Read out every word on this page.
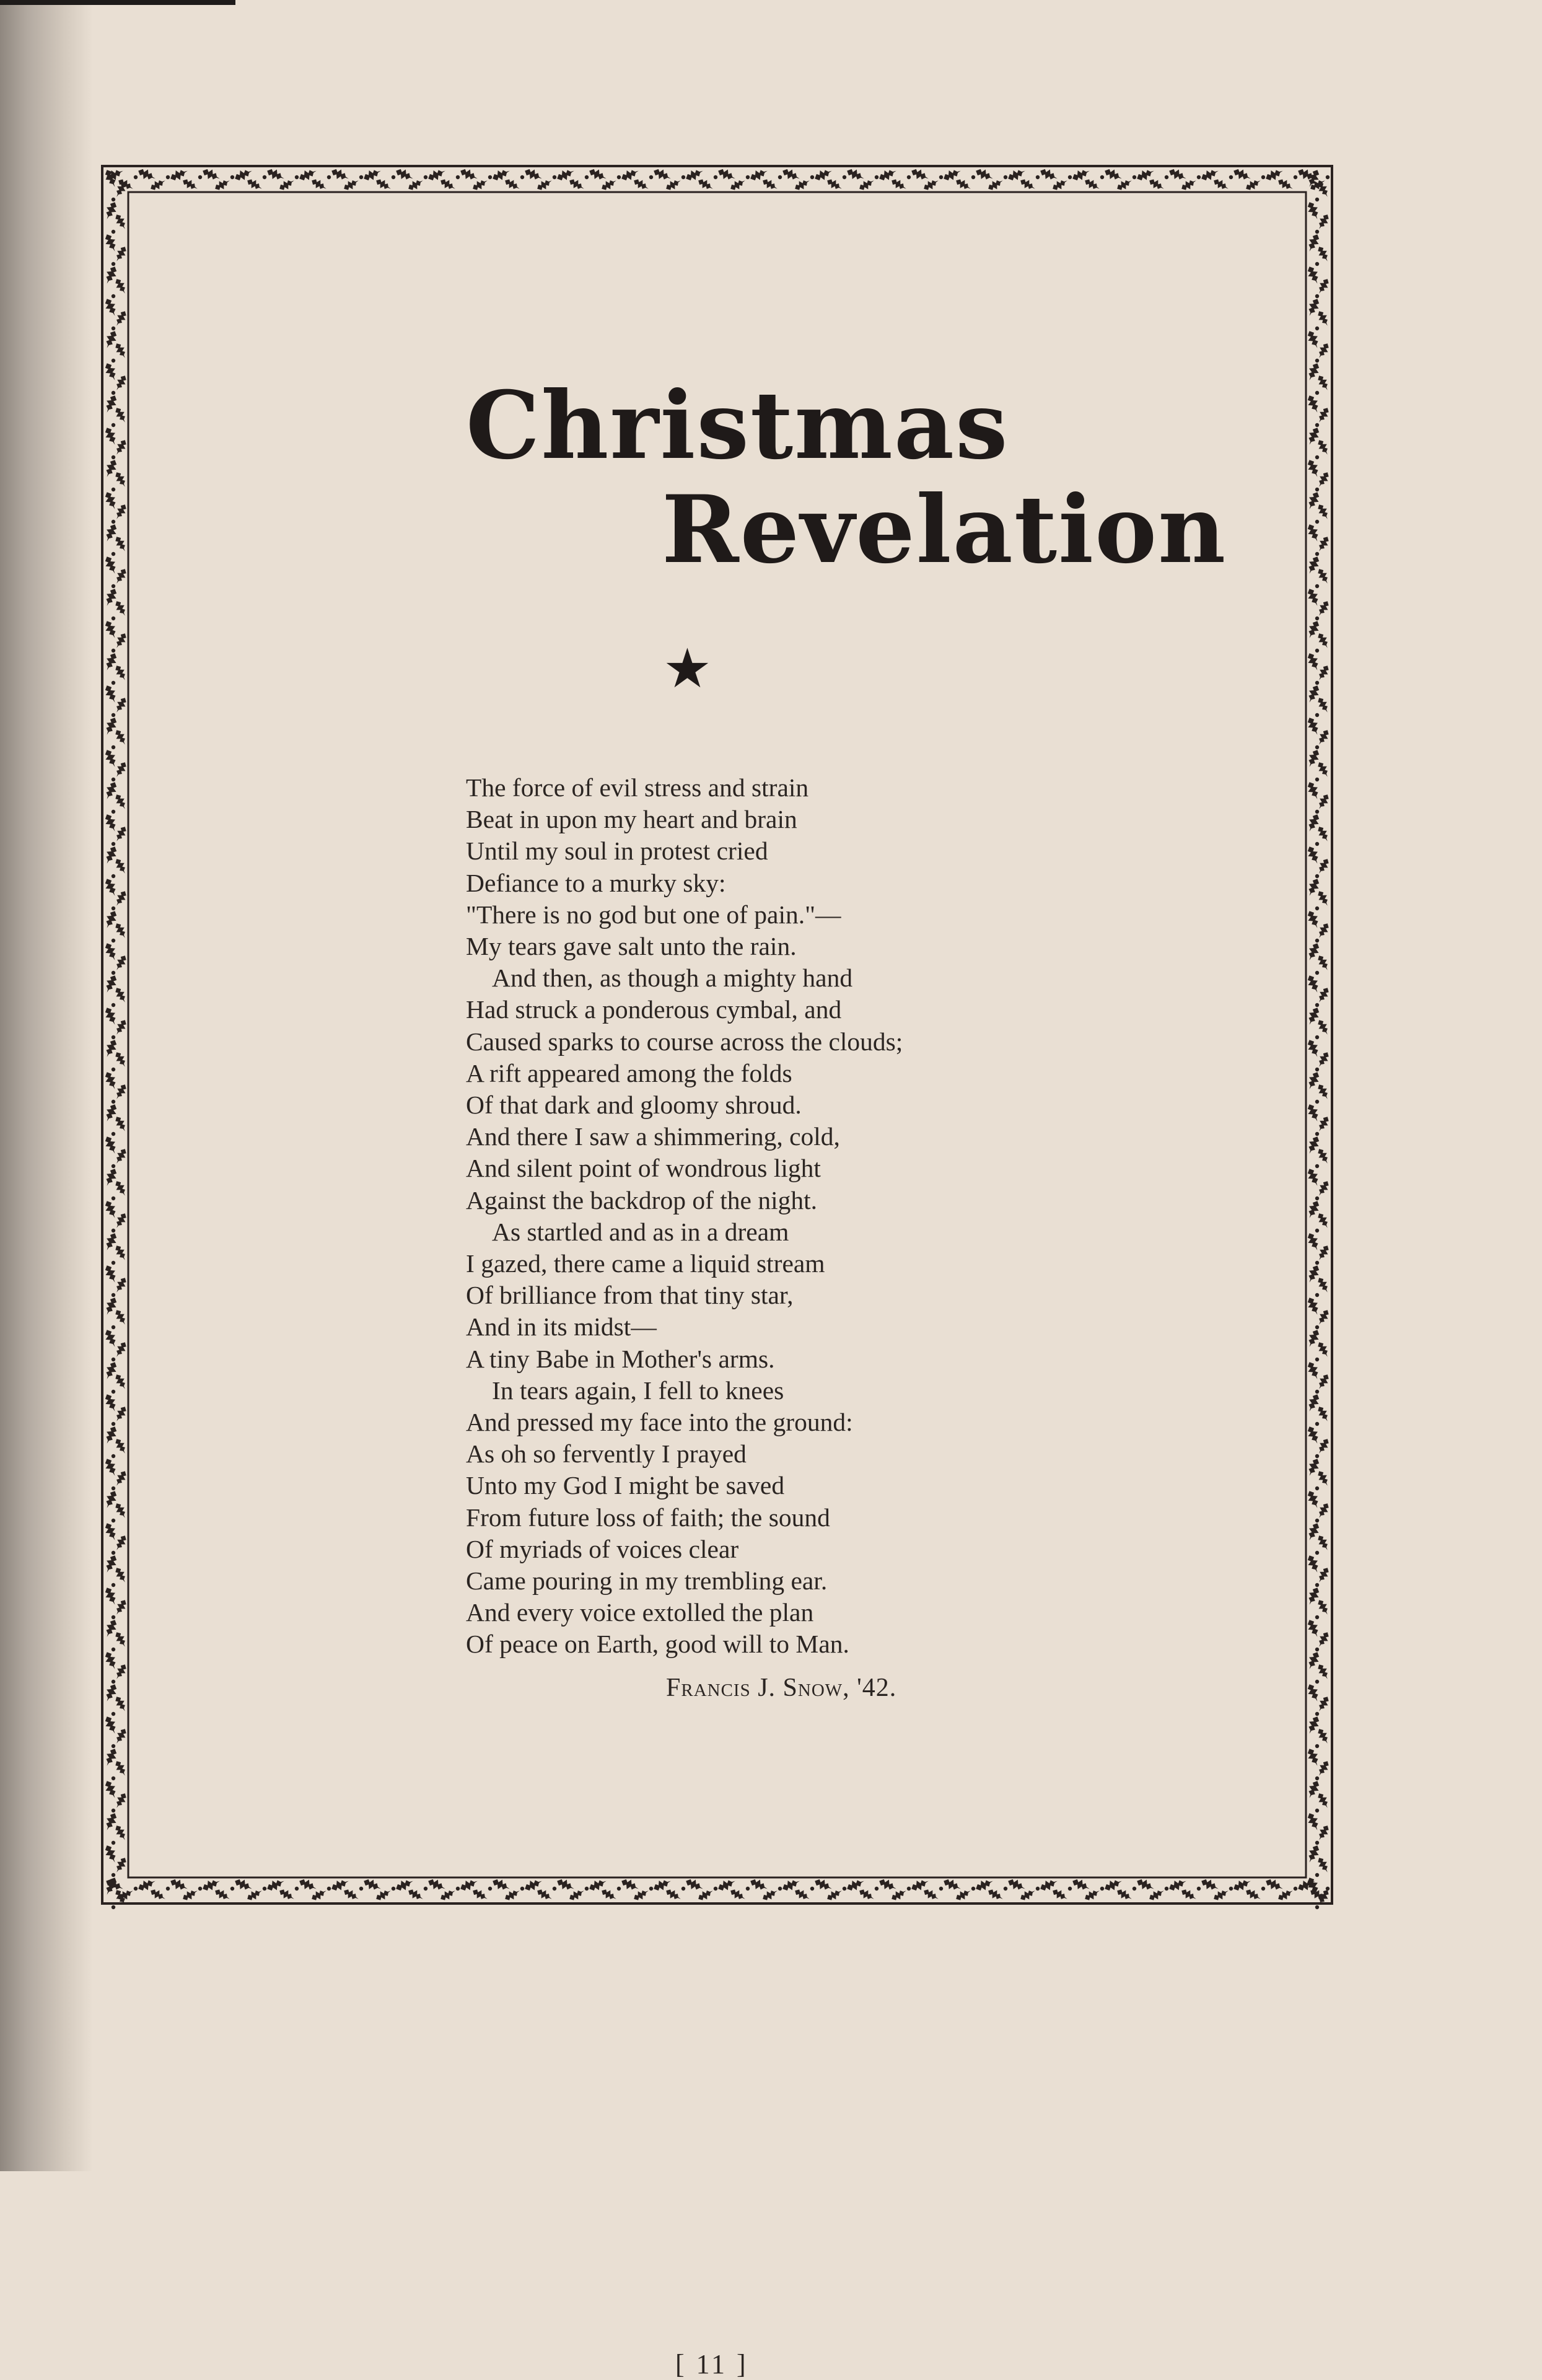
Christmas
Revelation
★
The force of evil stress and strain
Beat in upon my heart and brain
Until my soul in protest cried
Defiance to a murky sky:
"There is no god but one of pain."—
My tears gave salt unto the rain.
And then, as though a mighty hand
Had struck a ponderous cymbal, and
Caused sparks to course across the clouds;
A rift appeared among the folds
Of that dark and gloomy shroud.
And there I saw a shimmering, cold,
And silent point of wondrous light
Against the backdrop of the night.
As startled and as in a dream
I gazed, there came a liquid stream
Of brilliance from that tiny star,
And in its midst—
A tiny Babe in Mother's arms.
In tears again, I fell to knees
And pressed my face into the ground:
As oh so fervently I prayed
Unto my God I might be saved
From future loss of faith; the sound
Of myriads of voices clear
Came pouring in my trembling ear.
And every voice extolled the plan
Of peace on Earth, good will to Man.
Francis J. Snow, '42.
[ 11 ]
